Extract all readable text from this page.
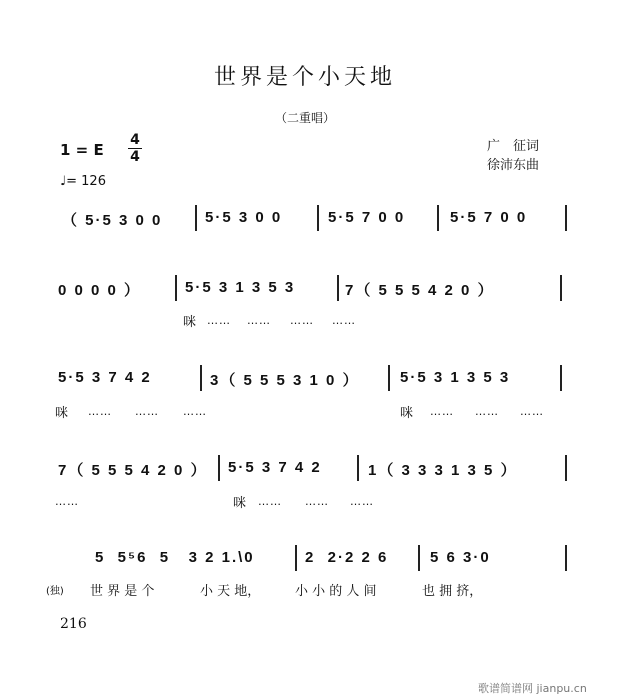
世界是个小天地
（二重唱）
1 = E
4
4
♩= 126
广　征词
徐沛东曲
（ 5·5 3 0 0	5·5 3 0 0	5·5 7 0 0	5·5 7 0 0
0 0 0 0 ）	5·5 3 1 3 5 3	7（ 5 5 5 4 2 0 ）
咪 …… …… …… ……
5·5 3 7 4 2	3（ 5 5 5 3 1 0 ）	5·5 3 1 3 5 3
咪 …… …… ……	咪 …… …… ……
7（ 5 5 5 4 2 0 ） 5·5 3 7 4 2	1（ 3 3 3 1 3 5 ）
……	咪 …… …… ……
5  5⁵6  5   3 2 1.\0	2  2·2 2 6	5 6 3·0
(独) 世 界 是 个	小 天 地，	小 小 的 人 间	也 拥 挤，
216
歌谱简谱网 jianpu.cn
